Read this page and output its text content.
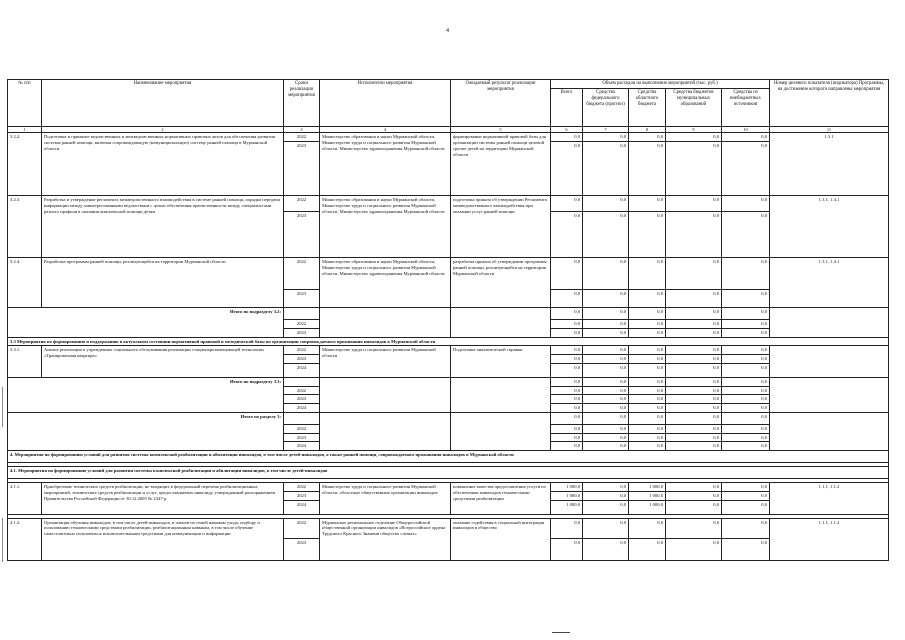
4
№ п/п	Наименование мероприятия	Сроки реализации мероприятия	Исполнители мероприятия	Ожидаемый результат реализации мероприятия	Объем расходов на выполнение мероприятий (тыс. руб.)					Номер целевого показателя (индикатора) Программы, на достижение которого направлены мероприятия
					Всего	Средства федерального бюджета (прогноз)	Средства областного бюджета	Средства бюджетов муниципальных образований	Средства из внебюджетных источников	
1	2	3	4	5	6	7	8	9	10	11
3.2.2.	Подготовка и принятие ведомственных и межведомственных нормативных правовых актов для обеспечения развития системы ранней помощи, включая сопровождающую (немуниципальную) систему ранней помощи в Мурманской области	2022	Министерство образования и науки Мурманской области, Министерство труда и социального развития Мурманской области, Министерство здравоохранения Мурманской области	формирование нормативной правовой базы для организации системы ранней помощи целевой группе детей на территории Мурманской области	0,0	0,0	0,0	0,0	0,0	1.3.1
		2023			0,0	0,0	0,0	0,0	0,0	
3.2.3.	Разработка и утверждение регламента межведомственного взаимодействия в системе ранней помощи, порядка передачи информации между заинтересованными ведомствами с целью обеспечения преемственности между специалистами разного профиля в оказании комплексной помощи детям	2022	Министерство образования и науки Мурманской области, Министерство труда и социального развития Мурманской области, Министерство здравоохранения Мурманской области	подготовка приказа об утверждении Регламента межведомственного взаимодействия при оказании услуг ранней помощи	0,0	0,0	0,0	0,0	0,0	1.3.1, 1.4.1
		2023			0,0	0,0	0,0	0,0	0,0	
3.2.4.	Разработка программы ранней помощи, реализующейся на территории Мурманской области	2022	Министерство образования и науки Мурманской области, Министерство труда и социального развития Мурманской области, Министерство здравоохранения Мурманской области	разработка приказа об утверждении программы ранней помощи, реализующейся на территории Мурманской области	0,0	0,0	0,0	0,0	0,0	1.3.1, 1.4.1
		2023			0,0	0,0	0,0	0,0	0,0	
Итого по подразделу 3.2:					0,0	0,0	0,0	0,0	0,0	
		2022			0,0	0,0	0,0	0,0	0,0	
		2023			0,0	0,0	0,0	0,0	0,0	
3.3 Мероприятия по формированию и поддержанию в актуальном состоянии нормативной правовой и методической базы по организации сопровождаемого проживания инвалидов в Мурманской области										
3.3.1.	Анализ реализации в учреждениях социального обслуживания реализации стационарозамещающей технологии «Тренировочная квартира»	2022	Министерство труда и социального развития Мурманской области	Подготовка аналитической справки	0,0	0,0	0,0	0,0	0,0	
		2023			0,0	0,0	0,0	0,0	0,0	
		2024			0,0	0,0	0,0	0,0	0,0	
Итого по подразделу 3.3:					0,0	0,0	0,0	0,0	0,0	
		2022			0,0	0,0	0,0	0,0	0,0	
		2023			0,0	0,0	0,0	0,0	0,0	
		2024			0,0	0,0	0,0	0,0	0,0	
Итого по разделу 3:					0,0	0,0	0,0	0,0	0,0	
		2022			0,0	0,0	0,0	0,0	0,0	
		2023			0,0	0,0	0,0	0,0	0,0	
		2024			0,0	0,0	0,0	0,0	0,0	
4. Мероприятия по формированию условий для развития системы комплексной реабилитации и абилитации инвалидов, в том числе детей-инвалидов, а также ранней помощи, сопровождаемого проживания инвалидов в Мурманской области										

4.1. Мероприятия по формированию условий для развития системы комплексной реабилитации и абилитации инвалидов, в том числе детей-инвалидов										

4.1.1.	Приобретение технических средств реабилитации, не входящих в федеральный перечень реабилитационных мероприятий, технических средств реабилитации и услуг, предоставляемых инвалиду, утвержденный распоряжением Правительства Российской Федерации от 30.12.2005 № 2347-р	2022	Министерство труда и социального развития Мурманской области, областные общественные организации инвалидов	повышение качества предоставления услуги по обеспечению инвалидов техническими средствами реабилитации	1 000,0	0,0	1 000,0	0,0	0,0	1.1.1, 1.1.2
		2023			1 000,0	0,0	1 000,0	0,0	0,0	
		2024			1 000,0	0,0	1 000,0	0,0	0,0	

4.1.2.	Организация обучения инвалидов, в том числе детей-инвалидов, и членов их семей навыкам ухода, подбору и пользованию техническими средствами реабилитации, реабилитационным навыкам, в том числе обучение самостоятельно пользоваться вспомогательными средствами для коммуникации и информации	2022	Мурманское региональное отделение Общероссийской общественной организации инвалидов «Всероссийское ордена Трудового Красного Знамени общество слепых»	оказание содействия в социальной интеграции инвалидов в общество	0,0	0,0	0,0	0,0	0,0	1.1.1, 1.1.2
		2023			0,0	0,0	0,0	0,0	0,0	
